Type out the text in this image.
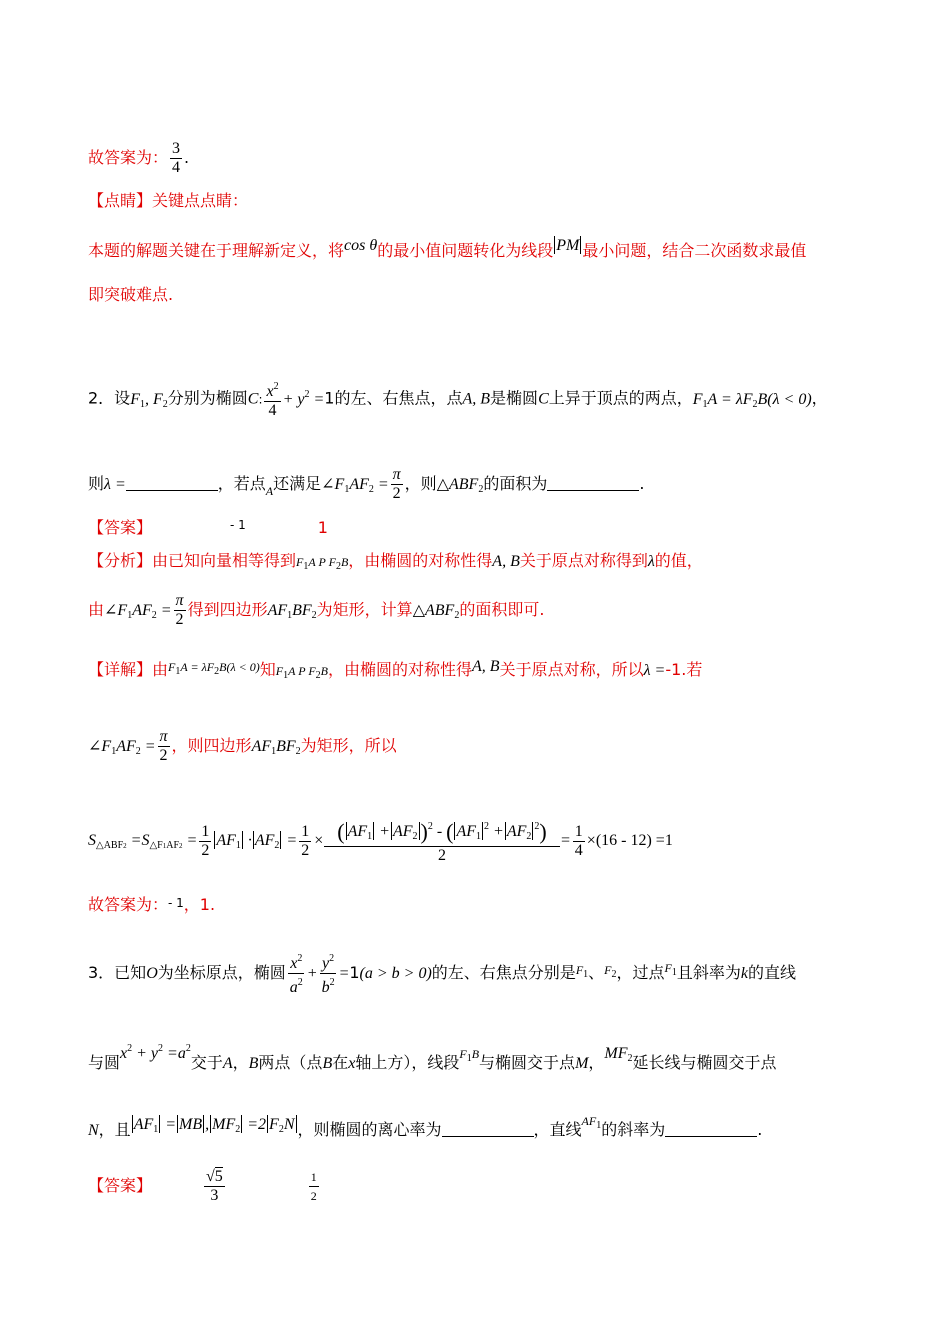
故答案为： $\frac{3}{4}$ .
【点睛】关键点点睛：
本题的解题关键在于理解新定义，将cos θ的最小值问题转化为线段 PM 最小问题，结合二次函数求最值
即突破难点.
2．设$F_1$, $F_2$分别为椭圆C: $\frac{x^2}{4} + y^2 =1$的左、右焦点，点A, B是椭圆C上异于顶点的两点，$F_1A = \lambda F_2B(\lambda < 0)$，
则λ =	，若点$_A$还满足$\angle F_1AF_2 = \frac{\pi}{2}$ ，则$\triangle ABF_2$的面积为	.
【答案】	$^{- 1}$	1
【分析】由已知向量相等得到$F_1A$ P $F_2B$，由椭圆的对称性得A, B关于原点对称得到λ的值，
由$\angle F_1AF_2 = \frac{\pi}{2}$ 得到四边形$AF_1BF_2$为矩形，计算$\triangle ABF_2$的面积即可.
【详解】由$^{F_1A = \lambda F_2B(\lambda < 0)}$知$F_1A$ P $F_2B$，由椭圆的对称性得A, B关于原点对称，所以λ =-1.若
$\angle F_1AF_2 = \frac{\pi}{2}$ ，则四边形$AF_1BF_2$为矩形，所以
$S_{\triangle ABF2} =S_{\triangle F1AF2} = \frac{1}{2} AF_1 \cdot AF_2 = \frac{1}{2} \times \frac{( AF_1 + AF_2 )^2 - ( AF_1^2 + AF_2^2)}{2} = \frac{1}{4} \times(16 - 12) =1$
故答案为：- 1，1.
3．已知O为坐标原点，椭圆 $\frac{x^2}{a^2} + \frac{y^2}{b^2} =1(a > b > 0)$的左、右焦点分别是$^{F_1}$、$^{F_2}$，过点$^{F_1}$且斜率为k的直线
与圆$x^2 + y^2 =a^2$交于A，B两点（点B在x轴上方），线段$^{F_1B}$与椭圆交于点M，$MF_2$延长线与椭圆交于点
N，且 $AF_1$ = MB , $MF_2 =2$ $F_2N$ ，则椭圆的离心率为	，直线$^{AF_1}$的斜率为	.
【答案】	$\frac{√5}{3}$	$\frac{1}{2}$
